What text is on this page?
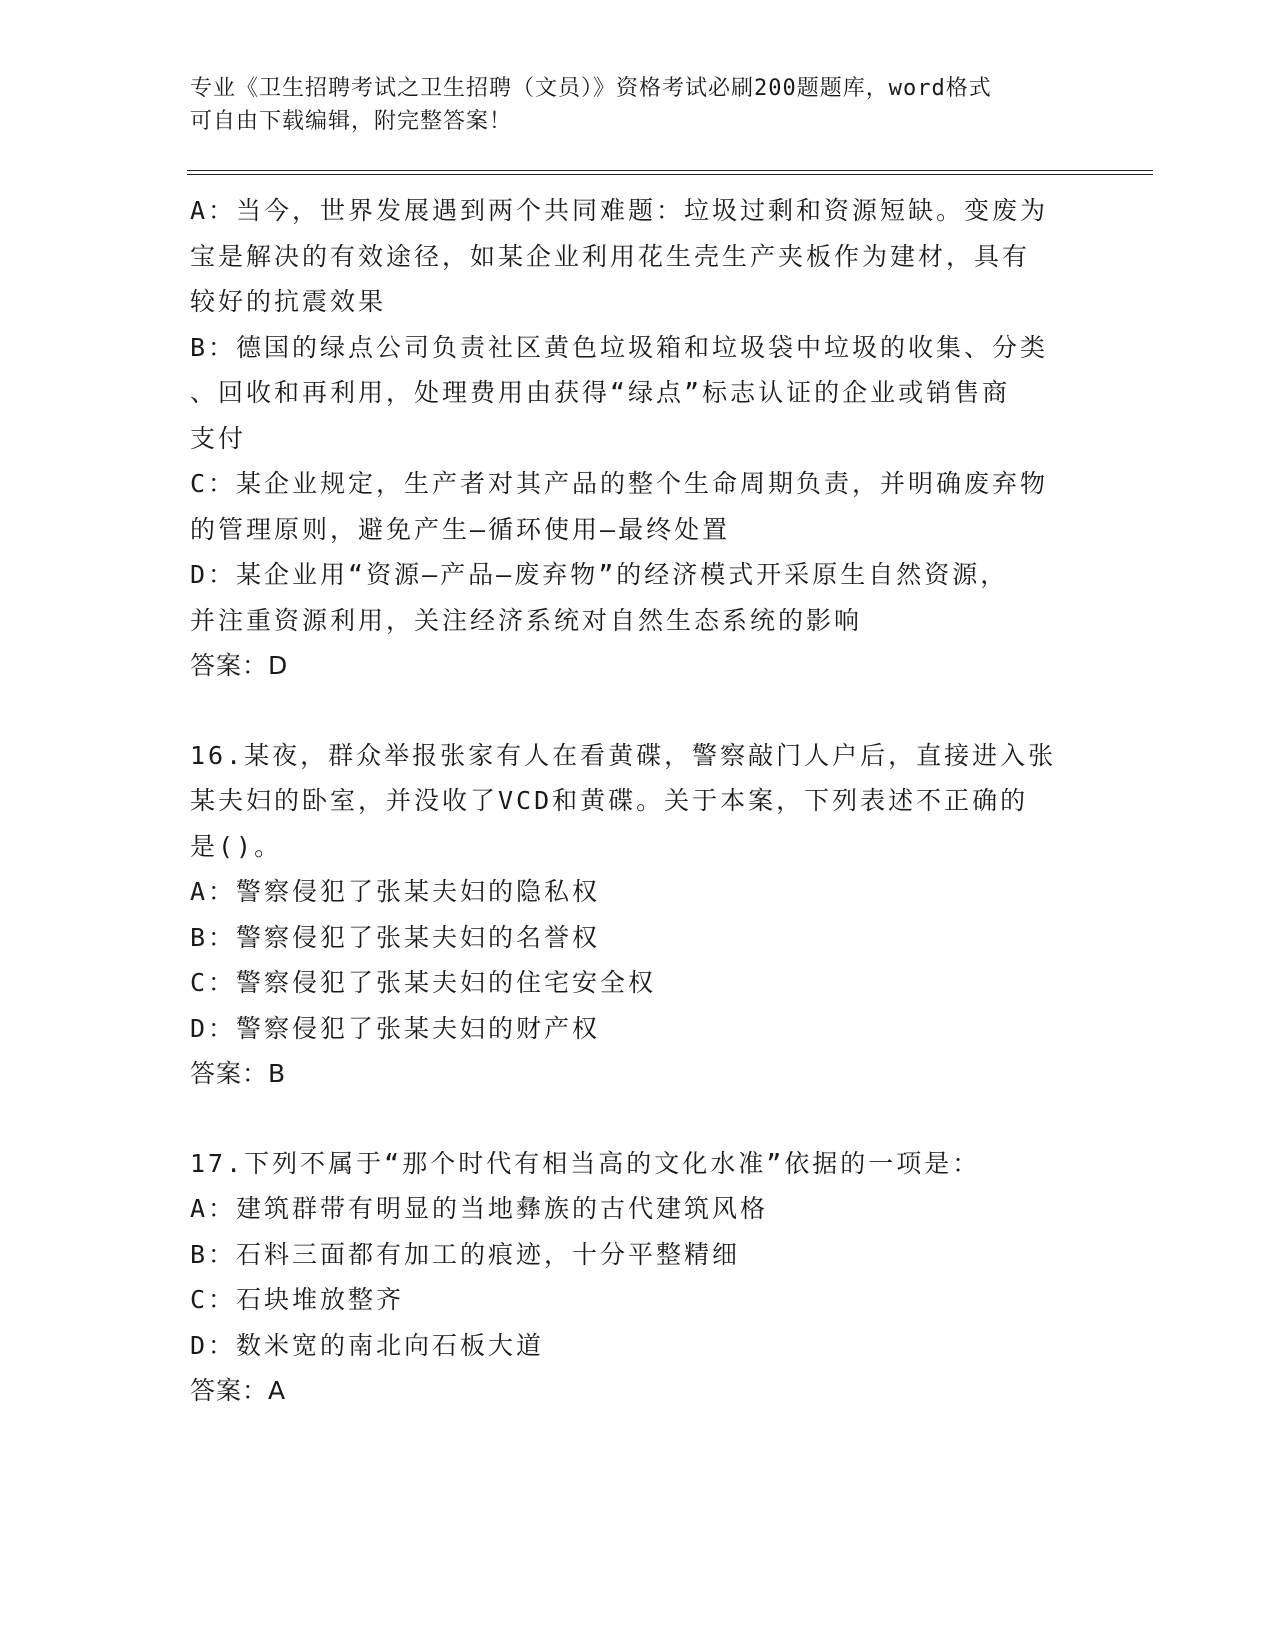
专业《卫生招聘考试之卫生招聘（文员）》资格考试必刷200题题库，word格式
可自由下载编辑，附完整答案！
A：当今，世界发展遇到两个共同难题：垃圾过剩和资源短缺。变废为
宝是解决的有效途径，如某企业利用花生壳生产夹板作为建材，具有
较好的抗震效果
B：德国的绿点公司负责社区黄色垃圾箱和垃圾袋中垃圾的收集、分类
、回收和再利用，处理费用由获得“绿点”标志认证的企业或销售商
支付
C：某企业规定，生产者对其产品的整个生命周期负责，并明确废弃物
的管理原则，避免产生—循环使用—最终处置
D：某企业用“资源—产品—废弃物”的经济模式开采原生自然资源，
并注重资源利用，关注经济系统对自然生态系统的影响
答案：D
16.某夜，群众举报张家有人在看黄碟，警察敲门人户后，直接进入张
某夫妇的卧室，并没收了VCD和黄碟。关于本案，下列表述不正确的
是()。
A：警察侵犯了张某夫妇的隐私权
B：警察侵犯了张某夫妇的名誉权
C：警察侵犯了张某夫妇的住宅安全权
D：警察侵犯了张某夫妇的财产权
答案：B
17.下列不属于“那个时代有相当高的文化水准”依据的一项是：
A：建筑群带有明显的当地彝族的古代建筑风格
B：石料三面都有加工的痕迹，十分平整精细
C：石块堆放整齐
D：数米宽的南北向石板大道
答案：A
